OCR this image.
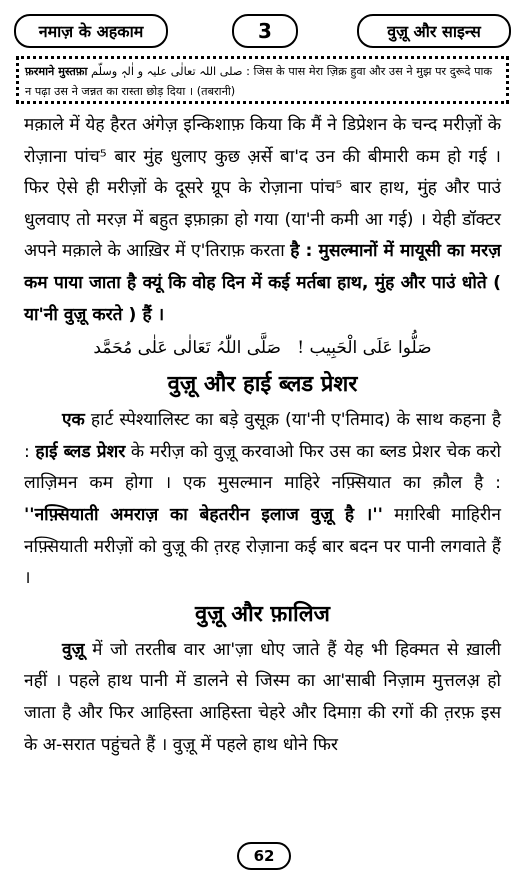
नमाज़ के अहकाम	3	वुज़ू और साइन्स
फ़रमाने मुस्तफ़ा صلی اللہ تعالٰی علیہ و اٰلہٖ وسلّم : जिस के पास मेरा ज़िक्र हुवा और उस ने मुझ पर दुरूदे पाक न पढ़ा उस ने जन्नत का रास्ता छोड़ दिया । (तबरानी)

मक़ाले में येह हैरत अंगेज़ इन्किशाफ़ किया कि मैं ने डिप्रेशन के चन्द मरीज़ों के रोज़ाना पांच⁵ बार मुंह धुलाए कुछ अ़र्से बा'द उन की बीमारी कम हो गई । फिर ऐसे ही मरीज़ों के दूसरे ग्रूप के रोज़ाना पांच⁵ बार हाथ, मुंह और पाउं धुलवाए तो मरज़ में बहुत इफ़ाक़ा हो गया (या'नी कमी आ गई) । येही डॉक्टर अपने मक़ाले के आख़िर में ए'तिराफ़ करता है : मुसल्मानों में मायूसी का मरज़ कम पाया जाता है क्यूं कि वोह दिन में कई मर्तबा हाथ, मुंह और पाउं धोते ( या'नी वुज़ू करते ) हैं ।

صَلُّوا عَلَی الْحَبِیب !   صَلَّی اللّٰہُ تَعَالٰی عَلٰی مُحَمَّد

वुज़ू और हाई ब्लड प्रेशर

एक हार्ट स्पेश्यालिस्ट का बड़े वुसूक़ (या'नी ए'तिमाद) के साथ कहना है : हाई ब्लड प्रेशर के मरीज़ को वुज़ू करवाओ फिर उस का ब्लड प्रेशर चेक करो लाज़िमन कम होगा । एक मुसल्मान माहिरे नफ़्सियात का क़ौल है : ''नफ़्सियाती अमराज़ का बेहतरीन इलाज वुज़ू है ।'' मग़रिबी माहिरीन नफ़्सियाती मरीज़ों को वुज़ू की त़रह रोज़ाना कई बार बदन पर पानी लगवाते हैं ।

वुज़ू और फ़ालिज

वुज़ू में जो तरतीब वार आ'ज़ा धोए जाते हैं येह भी हिक्मत से ख़ाली नहीं । पहले हाथ पानी में डालने से जिस्म का आ'साबी निज़ाम मुत्तलअ़ हो जाता है और फिर आहिस्ता आहिस्ता चेहरे और दिमाग़ की रगों की त़रफ़ इस के अ-सरात पहुंचते हैं । वुज़ू में पहले हाथ धोने फिर

62
